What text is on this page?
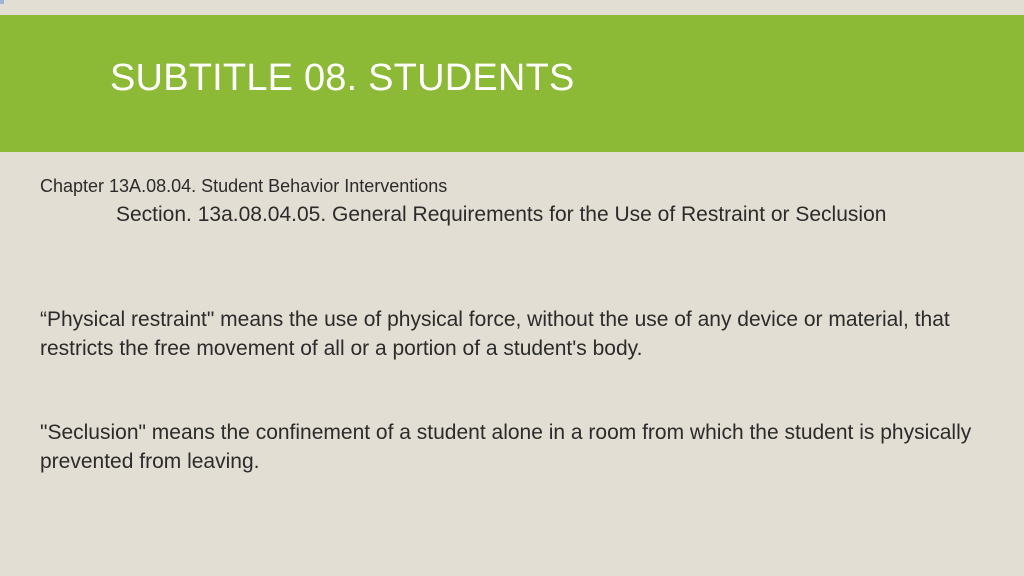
SUBTITLE 08. STUDENTS

Chapter 13A.08.04. Student Behavior Interventions

Section. 13a.08.04.05. General Requirements for the Use of Restraint or Seclusion

“Physical restraint" means the use of physical force, without the use of any device or material, that restricts the free movement of all or a portion of a student's body.

"Seclusion" means the confinement of a student alone in a room from which the student is physically prevented from leaving.
